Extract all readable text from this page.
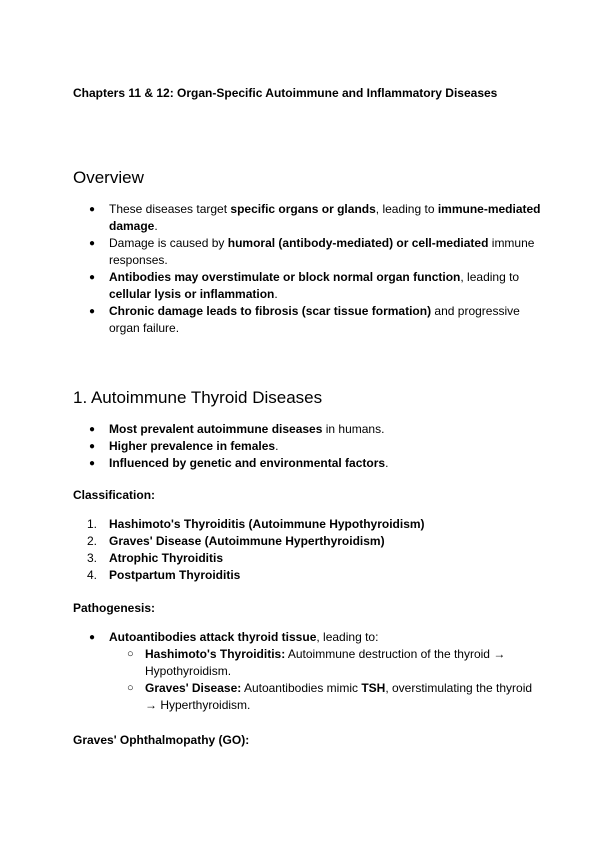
Chapters 11 & 12: Organ-Specific Autoimmune and Inflammatory Diseases
Overview
● These diseases target specific organs or glands, leading to immune-mediated damage.
● Damage is caused by humoral (antibody-mediated) or cell-mediated immune responses.
● Antibodies may overstimulate or block normal organ function, leading to cellular lysis or inflammation.
● Chronic damage leads to fibrosis (scar tissue formation) and progressive organ failure.
1. Autoimmune Thyroid Diseases
● Most prevalent autoimmune diseases in humans.
● Higher prevalence in females.
● Influenced by genetic and environmental factors.
Classification:
1. Hashimoto's Thyroiditis (Autoimmune Hypothyroidism)
2. Graves' Disease (Autoimmune Hyperthyroidism)
3. Atrophic Thyroiditis
4. Postpartum Thyroiditis
Pathogenesis:
● Autoantibodies attack thyroid tissue, leading to:
○ Hashimoto's Thyroiditis: Autoimmune destruction of the thyroid → Hypothyroidism.
○ Graves' Disease: Autoantibodies mimic TSH, overstimulating the thyroid → Hyperthyroidism.
Graves' Ophthalmopathy (GO):
